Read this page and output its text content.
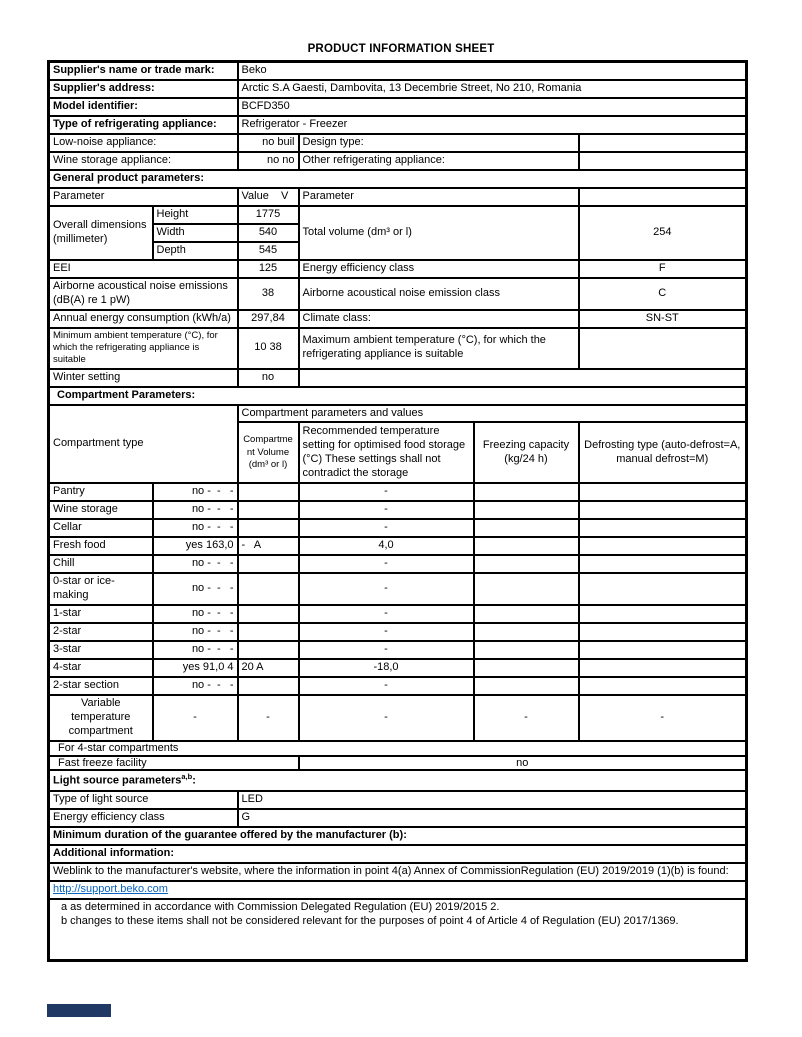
PRODUCT INFORMATION SHEET
Supplier's name or trade mark:		Beko			
Supplier's address:		Arctic S.A Gaesti, Dambovita, 13 Decembrie Street, No 210, Romania			
Model identifier:		BCFD350			
Type of refrigerating appliance:		Refrigerator - Freezer			
Low-noise appliance:		no buil	Design type:		
Wine storage appliance:		no no	Other refrigerating appliance:		
General product parameters:					
Parameter		Value    V	Parameter		
Overall dimensions (millimeter)	Height	1775	Total volume (dm³ or l)		254
	Width	540			
	Depth	545			
EEI		125	Energy efficiency class		F
Airborne acoustical noise emissions (dB(A) re 1 pW)		38	Airborne acoustical noise emission class		C
Annual energy consumption (kWh/a)		297,84	Climate class:		SN-ST
Minimum ambient temperature (°C), for which the refrigerating appliance is suitable		10 38	Maximum ambient temperature (°C), for which the refrigerating appliance is suitable		
Winter setting		no			
Compartment Parameters:					
Compartment type		Compartment parameters and values			
		Compartment Volume (dm³ or l)	Recommended temperature setting for optimised food storage (°C) These settings shall not contradict the storage	Freezing capacity (kg/24 h)	Defrosting type (auto-defrost=A, manual defrost=M)
Pantry	no -  -   -		-		
Wine storage	no -  -   -		-		
Cellar	no -  -   -		-		
Fresh food	yes 163,0	-   A	4,0		
Chill	no -  -   -		-		
0-star or ice-making	no -  -   -		-		
1-star	no -  -   -		-		
2-star	no -  -   -		-		
3-star	no -  -   -		-		
4-star	yes 91,0 4	20 A	-18,0		
2-star section	no -  -   -		-		
Variable temperature compartment	-	-	-	-	-
For 4-star compartments					
Fast freeze facility			no		
Light source parameters$^{a,b}$:					
Type of light source		LED			
Energy efficiency class		G			
Minimum duration of the guarantee offered by the manufacturer (b):					
Additional information:					
Weblink to the manufacturer's website, where the information in point 4(a) Annex of CommissionRegulation (EU) 2019/2019 (1)(b) is found:					
http://support.beko.com					

a as determined in accordance with Commission Delegated Regulation (EU) 2019/2015 2.
b changes to these items shall not be considered relevant for the purposes of point 4 of Article 4 of Regulation (EU) 2017/1369.					
